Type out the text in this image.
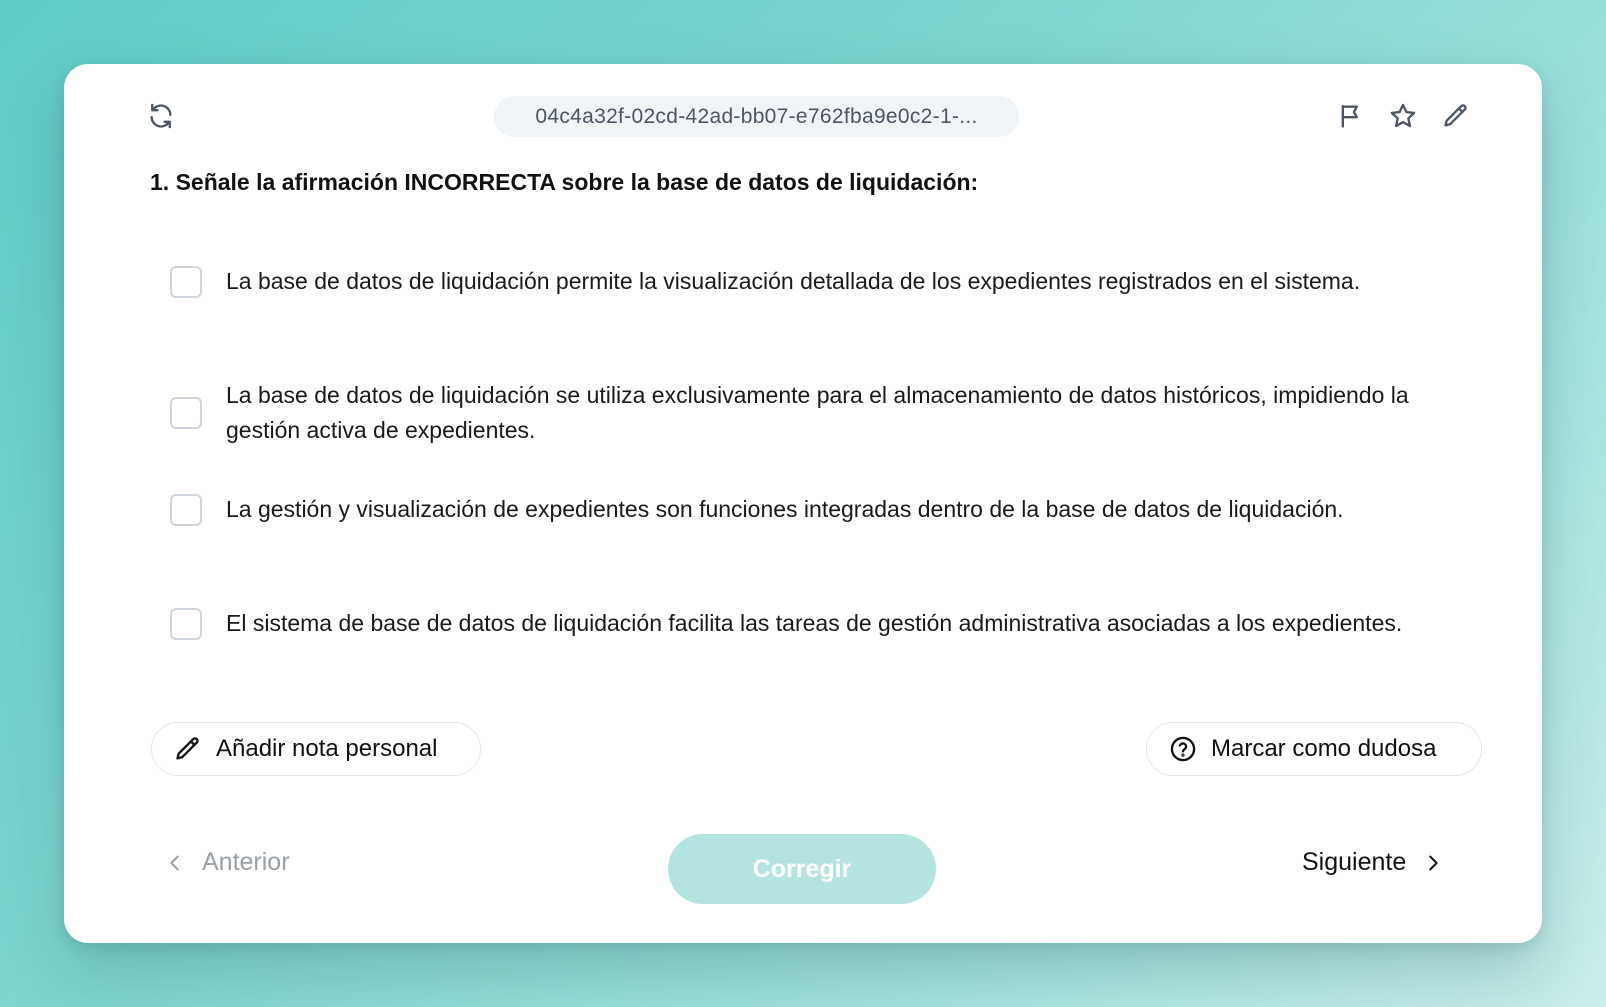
04c4a32f-02cd-42ad-bb07-e762fba9e0c2-1-...
1. Señale la afirmación INCORRECTA sobre la base de datos de liquidación:
La base de datos de liquidación permite la visualización detallada de los expedientes registrados en el sistema.
La base de datos de liquidación se utiliza exclusivamente para el almacenamiento de datos históricos, impidiendo la gestión activa de expedientes.
La gestión y visualización de expedientes son funciones integradas dentro de la base de datos de liquidación.
El sistema de base de datos de liquidación facilita las tareas de gestión administrativa asociadas a los expedientes.
Añadir nota personal	Marcar como dudosa
Anterior	Corregir	Siguiente
